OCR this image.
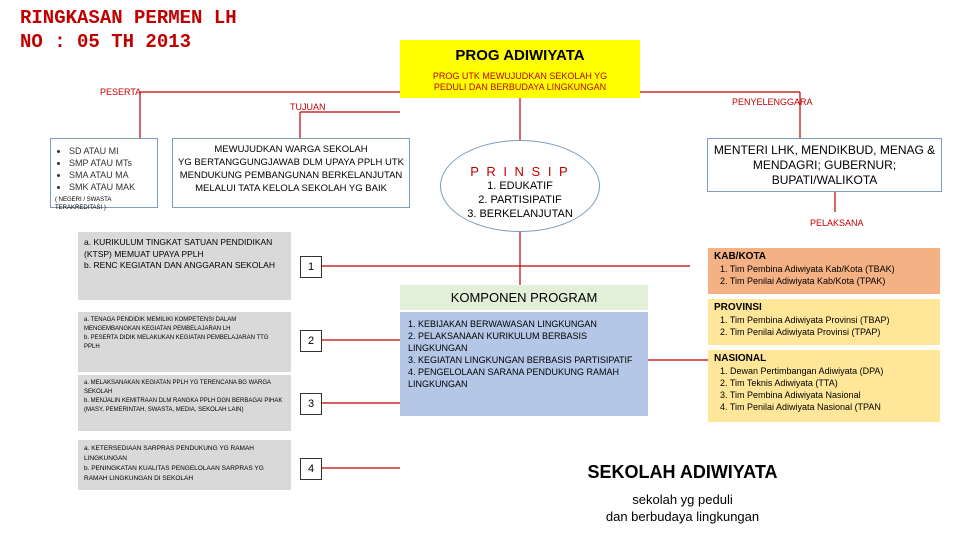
RINGKASAN PERMEN LH
NO : 05 TH 2013
PROG ADIWIYATA
PROG UTK MEWUJUDKAN SEKOLAH YG
PEDULI DAN BERBUDAYA LINGKUNGAN
PESERTA
TUJUAN	PENYELENGGARA
PELAKSANA
• SD ATAU MI
• SMP ATAU MTs
• SMA ATAU MA
• SMK ATAU MAK
( NEGERI / SWASTA TERAKREDITASI )
MEWUJUDKAN WARGA SEKOLAH
YG BERTANGGUNGJAWAB DLM UPAYA PPLH UTK
MENDUKUNG PEMBANGUNAN BERKELANJUTAN
MELALUI TATA KELOLA SEKOLAH YG BAIK
P R I N S I P
1. EDUKATIF
2. PARTISIPATIF
3. BERKELANJUTAN
MENTERI LHK, MENDIKBUD, MENAG & MENDAGRI; GUBERNUR; BUPATI/WALIKOTA
a. KURIKULUM TINGKAT SATUAN PENDIDIKAN (KTSP) MEMUAT UPAYA PPLH
b. RENC KEGIATAN DAN ANGGARAN SEKOLAH
a. TENAGA PENDIDIK MEMILIKI KOMPETENSI DALAM MENGEMBANGKAN KEGIATAN PEMBELAJARAN LH
b. PESERTA DIDIK MELAKUKAN KEGIATAN PEMBELAJARAN TTG PPLH
a. MELAKSANAKAN KEGIATAN PPLH YG TERENCANA BG WARGA SEKOLAH
b. MENJALIN KEMITRAAN DLM RANGKA PPLH DGN BERBAGAI PIHAK (MASY, PEMERINTAH, SWASTA, MEDIA, SEKOLAH LAIN)
a. KETERSEDIAAN SARPRAS PENDUKUNG YG RAMAH LINGKUNGAN
b. PENINGKATAN KUALITAS PENGELOLAAN SARPRAS YG RAMAH LINGKUNGAN DI SEKOLAH
1
2
3
4
KOMPONEN PROGRAM
1. KEBIJAKAN BERWAWASAN LINGKUNGAN
2. PELAKSANAAN KURIKULUM BERBASIS LINGKUNGAN
3. KEGIATAN LINGKUNGAN BERBASIS PARTISIPATIF
4. PENGELOLAAN SARANA PENDUKUNG RAMAH LINGKUNGAN
KAB/KOTA
1. Tim Pembina Adiwiyata Kab/Kota (TBAK)
2. Tim Penilai Adiwiyata Kab/Kota (TPAK)
PROVINSI
1. Tim Pembina Adiwiyata Provinsi (TBAP)
2. Tim Penilai Adiwiyata Provinsi (TPAP)
NASIONAL
1. Dewan Pertimbangan Adiwiyata (DPA)
2. Tim Teknis Adiwiyata (TTA)
3. Tim Pembina Adiwiyata Nasional
4. Tim Penilai Adiwiyata Nasional (TPAN
SEKOLAH ADIWIYATA
sekolah yg peduli
dan berbudaya lingkungan
